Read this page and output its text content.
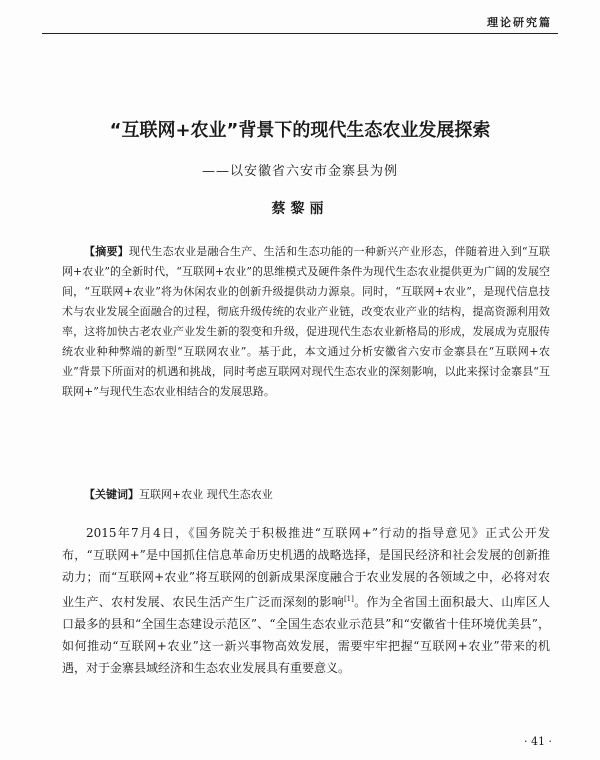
理论研究篇
“互联网+农业”背景下的现代生态农业发展探索
——以安徽省六安市金寨县为例
蔡黎丽
【摘要】现代生态农业是融合生产、生活和生态功能的一种新兴产业形态，伴随着进入到“互联网+农业”的全新时代，“互联网+农业”的思维模式及硬件条件为现代生态农业提供更为广阔的发展空间，“互联网+农业”将为休闲农业的创新升级提供动力源泉。同时，“互联网+农业”，是现代信息技术与农业发展全面融合的过程，彻底升级传统的农业产业链，改变农业产业的结构，提高资源利用效率，这将加快古老农业产业发生新的裂变和升级，促进现代生态农业新格局的形成，发展成为克服传统农业种种弊端的新型“互联网农业”。基于此，本文通过分析安徽省六安市金寨县在“互联网+农业”背景下所面对的机遇和挑战，同时考虑互联网对现代生态农业的深刻影响，以此来探讨金寨县“互联网+”与现代生态农业相结合的发展思路。
【关键词】互联网+农业 现代生态农业
2015年7月4日，《国务院关于积极推进“互联网+”行动的指导意见》正式公开发布，“互联网+”是中国抓住信息革命历史机遇的战略选择，是国民经济和社会发展的创新推动力；而“互联网+农业”将互联网的创新成果深度融合于农业发展的各领域之中，必将对农业生产、农村发展、农民生活产生广泛而深刻的影响[1]。作为全省国土面积最大、山库区人口最多的县和“全国生态建设示范区”、“全国生态农业示范县”和“安徽省十佳环境优美县”，如何推动“互联网+农业”这一新兴事物高效发展，需要牢牢把握“互联网+农业”带来的机遇，对于金寨县域经济和生态农业发展具有重要意义。
· 41 ·
